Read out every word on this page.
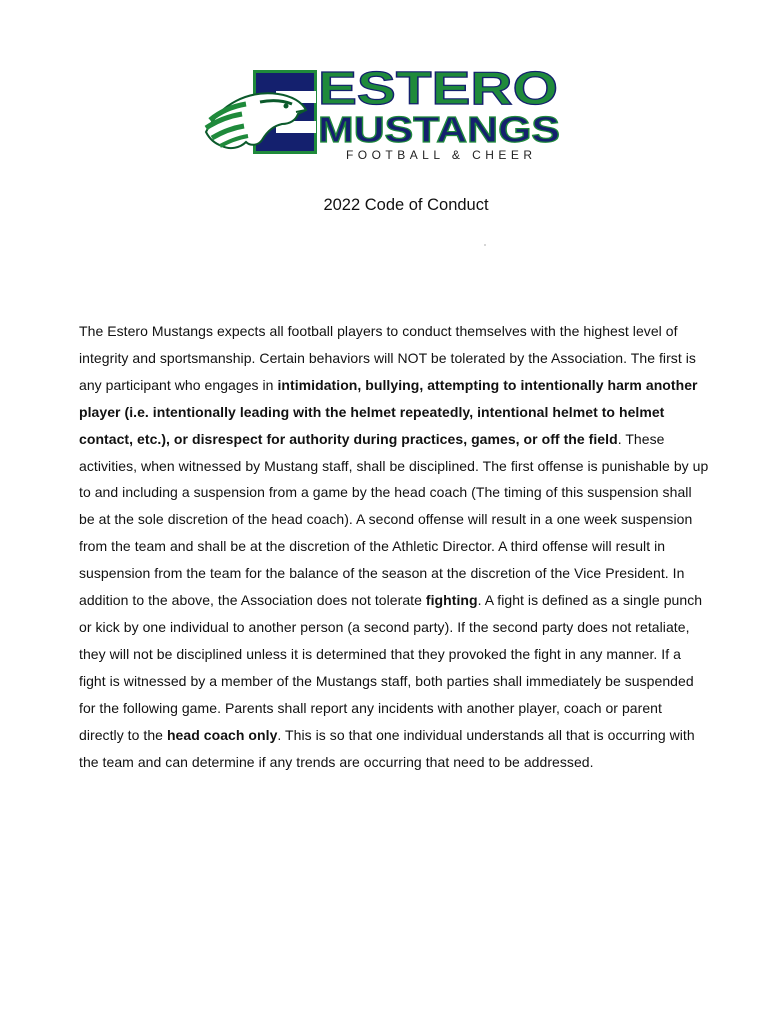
ESTERO
MUSTANGS
FOOTBALL & CHEER
2022 Code of Conduct

The Estero Mustangs expects all football players to conduct themselves with the highest level of integrity and sportsmanship. Certain behaviors will NOT be tolerated by the Association. The first is any participant who engages in intimidation, bullying, attempting to intentionally harm another player (i.e. intentionally leading with the helmet repeatedly, intentional helmet to helmet contact, etc.), or disrespect for authority during practices, games, or off the field. These activities, when witnessed by Mustang staff, shall be disciplined. The first offense is punishable by up to and including a suspension from a game by the head coach (The timing of this suspension shall be at the sole discretion of the head coach). A second offense will result in a one week suspension from the team and shall be at the discretion of the Athletic Director. A third offense will result in suspension from the team for the balance of the season at the discretion of the Vice President. In addition to the above, the Association does not tolerate fighting. A fight is defined as a single punch or kick by one individual to another person (a second party). If the second party does not retaliate, they will not be disciplined unless it is determined that they provoked the fight in any manner. If a fight is witnessed by a member of the Mustangs staff, both parties shall immediately be suspended for the following game. Parents shall report any incidents with another player, coach or parent directly to the head coach only. This is so that one individual understands all that is occurring with the team and can determine if any trends are occurring that need to be addressed.
